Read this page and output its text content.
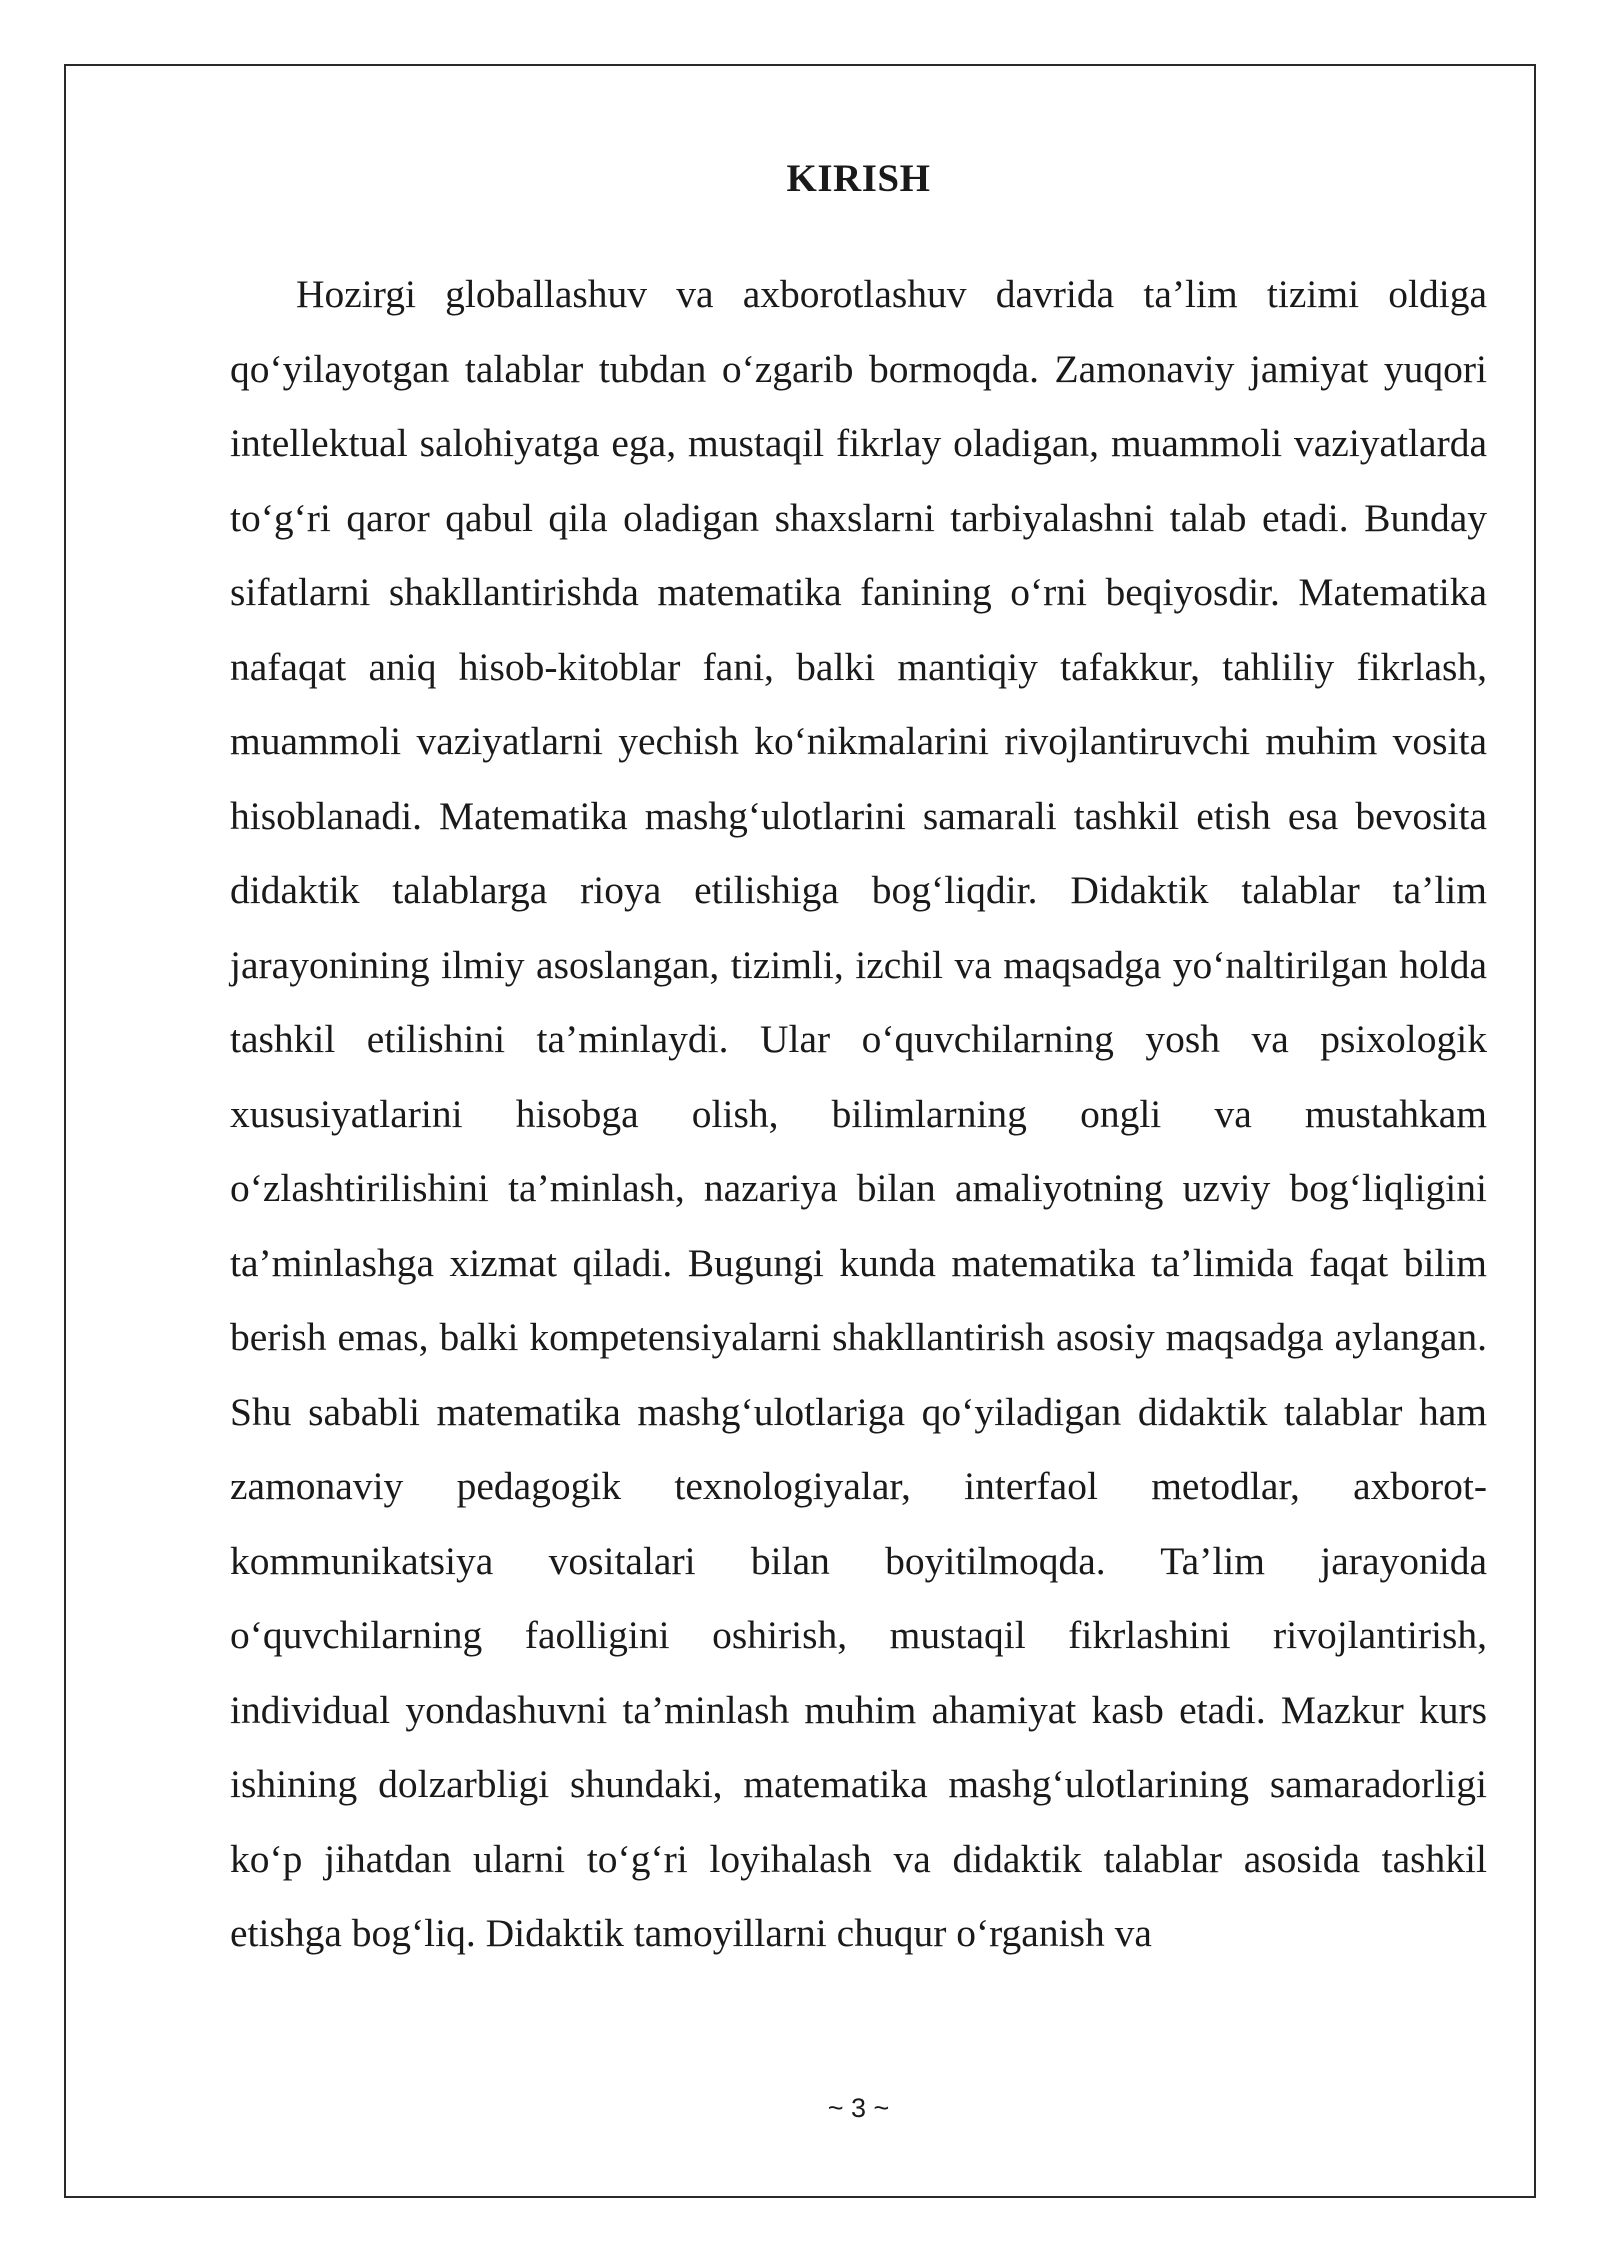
KIRISH

Hozirgi globallashuv va axborotlashuv davrida ta’lim tizimi oldiga qo‘yilayotgan talablar tubdan o‘zgarib bormoqda. Zamonaviy jamiyat yuqori intellektual salohiyatga ega, mustaqil fikrlay oladigan, muammoli vaziyatlarda to‘g‘ri qaror qabul qila oladigan shaxslarni tarbiyalashni talab etadi. Bunday sifatlarni shakllantirishda matematika fanining o‘rni beqiyosdir. Matematika nafaqat aniq hisob-kitoblar fani, balki mantiqiy tafakkur, tahliliy fikrlash, muammoli vaziyatlarni yechish ko‘nikmalarini rivojlantiruvchi muhim vosita hisoblanadi. Matematika mashg‘ulotlarini samarali tashkil etish esa bevosita didaktik talablarga rioya etilishiga bog‘liqdir. Didaktik talablar ta’lim jarayonining ilmiy asoslangan, tizimli, izchil va maqsadga yo‘naltirilgan holda tashkil etilishini ta’minlaydi. Ular o‘quvchilarning yosh va psixologik xususiyatlarini hisobga olish, bilimlarning ongli va mustahkam o‘zlashtirilishini ta’minlash, nazariya bilan amaliyotning uzviy bog‘liqligini ta’minlashga xizmat qiladi. Bugungi kunda matematika ta’limida faqat bilim berish emas, balki kompetensiyalarni shakllantirish asosiy maqsadga aylangan. Shu sababli matematika mashg‘ulotlariga qo‘yiladigan didaktik talablar ham zamonaviy pedagogik texnologiyalar, interfaol metodlar, axborot-kommunikatsiya vositalari bilan boyitilmoqda. Ta’lim jarayonida o‘quvchilarning faolligini oshirish, mustaqil fikrlashini rivojlantirish, individual yondashuvni ta’minlash muhim ahamiyat kasb etadi. Mazkur kurs ishining dolzarbligi shundaki, matematika mashg‘ulotlarining samaradorligi ko‘p jihatdan ularni to‘g‘ri loyihalash va didaktik talablar asosida tashkil etishga bog‘liq. Didaktik tamoyillarni chuqur o‘rganish va

~ 3 ~
